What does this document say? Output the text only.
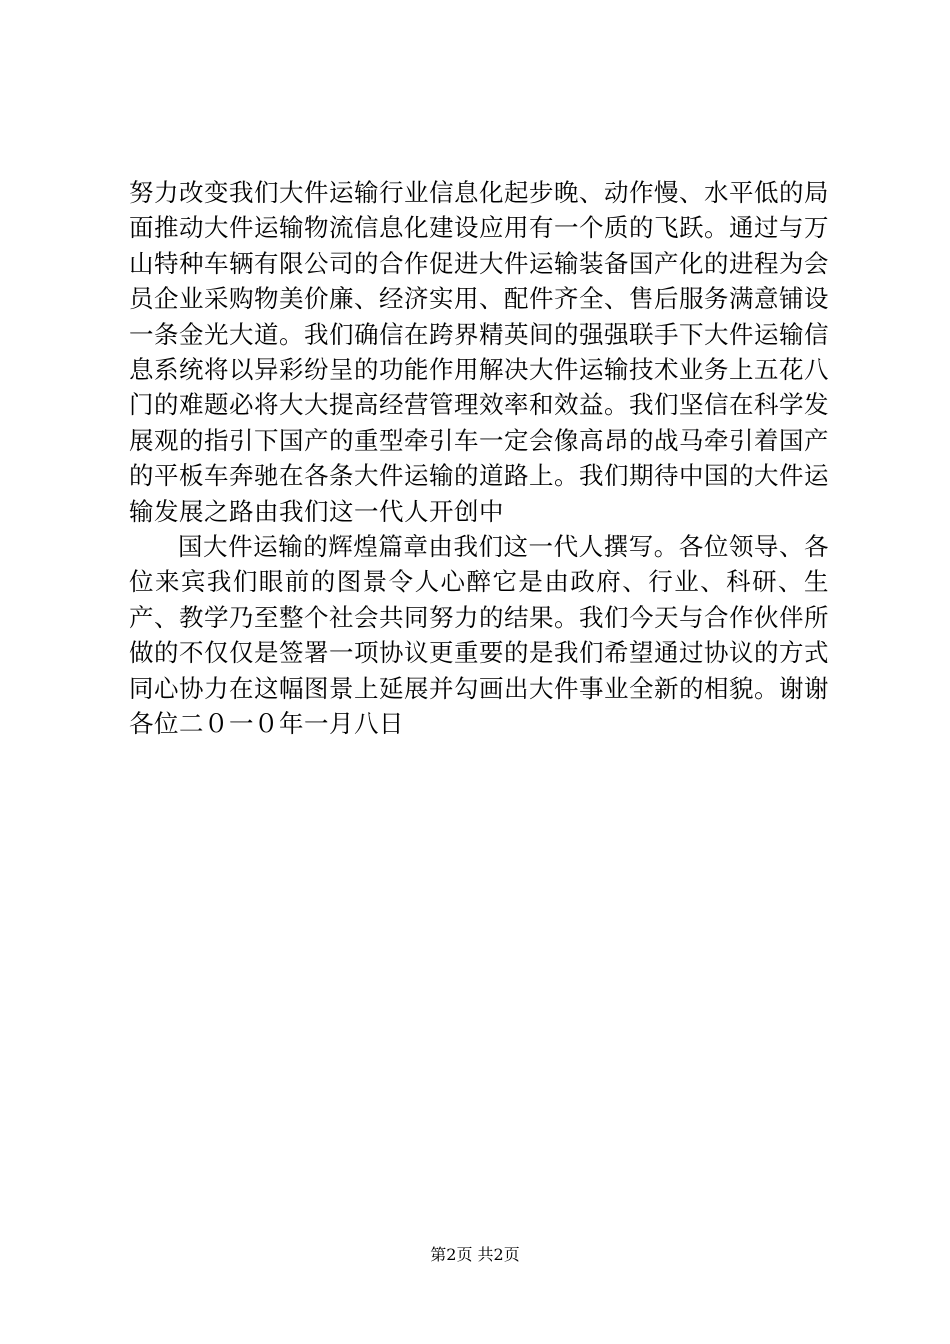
努力改变我们大件运输行业信息化起步晚、动作慢、水平低的局面推动大件运输物流信息化建设应用有一个质的飞跃。通过与万山特种车辆有限公司的合作促进大件运输装备国产化的进程为会员企业采购物美价廉、经济实用、配件齐全、售后服务满意铺设一条金光大道。我们确信在跨界精英间的强强联手下大件运输信息系统将以异彩纷呈的功能作用解决大件运输技术业务上五花八门的难题必将大大提高经营管理效率和效益。我们坚信在科学发展观的指引下国产的重型牵引车一定会像高昂的战马牵引着国产的平板车奔驰在各条大件运输的道路上。我们期待中国的大件运输发展之路由我们这一代人开创中

国大件运输的辉煌篇章由我们这一代人撰写。各位领导、各位来宾我们眼前的图景令人心醉它是由政府、行业、科研、生产、教学乃至整个社会共同努力的结果。我们今天与合作伙伴所做的不仅仅是签署一项协议更重要的是我们希望通过协议的方式同心协力在这幅图景上延展并勾画出大件事业全新的相貌。谢谢各位二０一０年一月八日

第2页 共2页
